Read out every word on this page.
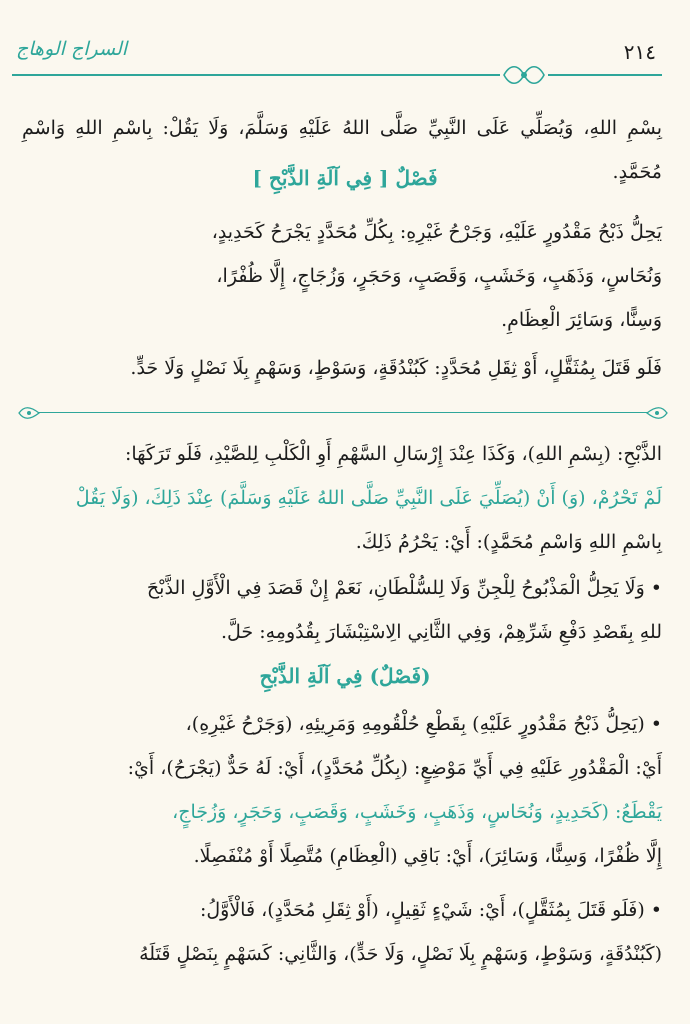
السراج الوهاج	٢١٤
بِسْمِ اللهِ، وَيُصَلِّي عَلَى النَّبِيِّ صَلَّى اللهُ عَلَيْهِ وَسَلَّمَ، وَلَا يَقُلْ: بِاسْمِ اللهِ وَاسْمِ مُحَمَّدٍ.
فَصْلٌ [ فِي آلَةِ الذَّبْحِ ]
يَحِلُّ ذَبْحُ مَقْدُورٍ عَلَيْهِ، وَجَرْحُ غَيْرِهِ: بِكُلِّ مُحَدَّدٍ يَجْرَحُ كَحَدِيدٍ،
وَنُحَاسٍ، وَذَهَبٍ، وَخَشَبٍ، وَقَصَبٍ، وَحَجَرٍ، وَزُجَاجٍ، إِلَّا ظُفْرًا،
وَسِنًّا، وَسَائِرَ الْعِظَامِ.
فَلَو قَتَلَ بِمُثَقَّلٍ، أَوْ ثِقَلِ مُحَدَّدٍ: كَبُنْدُقَةٍ، وَسَوْطٍ، وَسَهْمٍ بِلَا نَصْلٍ وَلَا حَدٍّ.
الذَّبْحِ: (بِسْمِ اللهِ)، وَكَذَا عِنْدَ إِرْسَالِ السَّهْمِ أَوِ الْكَلْبِ لِلصَّيْدِ، فَلَو تَرَكَهَا:
لَمْ تَحْرُمْ، (وَ) أَنْ (يُصَلِّيَ عَلَى النَّبِيِّ صَلَّى اللهُ عَلَيْهِ وَسَلَّمَ) عِنْدَ ذَلِكَ، (وَلَا يَقُلْ
بِاسْمِ اللهِ وَاسْمِ مُحَمَّدٍ): أَيْ: يَحْرُمُ ذَلِكَ.
• وَلَا يَحِلُّ الْمَذْبُوحُ لِلْجِنِّ وَلَا لِلسُّلْطَانِ، نَعَمْ إِنْ قَصَدَ فِي الْأَوَّلِ الذَّبْحَ
للهِ بِقَصْدِ دَفْعِ شَرِّهِمْ، وَفِي الثَّانِي الِاسْتِبْشَارَ بِقُدُومِهِ: حَلَّ.
(فَصْلٌ) فِي آلَةِ الذَّبْحِ
• (يَحِلُّ ذَبْحُ مَقْدُورٍ عَلَيْهِ) بِقَطْعِ حُلْقُومِهِ وَمَرِيئِهِ، (وَجَرْحُ غَيْرِهِ)،
أَيْ: الْمَقْدُورِ عَلَيْهِ فِي أَيِّ مَوْضِعٍ: (بِكُلِّ مُحَدَّدٍ)، أَيْ: لَهُ حَدٌّ (يَجْرَحُ)، أَيْ:
يَقْطَعُ: (كَحَدِيدٍ، وَنُحَاسٍ، وَذَهَبٍ، وَخَشَبٍ، وَقَصَبٍ، وَحَجَرٍ، وَزُجَاجٍ،
إِلَّا ظُفْرًا، وَسِنًّا، وَسَائِرَ)، أَيْ: بَاقِي (الْعِظَامِ) مُتَّصِلًا أَوْ مُنْفَصِلًا.
• (فَلَو قَتَلَ بِمُثَقَّلٍ)، أَيْ: شَيْءٍ ثَقِيلٍ، (أَوْ ثِقَلِ مُحَدَّدٍ)، فَالْأَوَّلُ:
(كَبُنْدُقَةٍ، وَسَوْطٍ، وَسَهْمٍ بِلَا نَصْلٍ، وَلَا حَدٍّ)، وَالثَّانِي: كَسَهْمٍ بِنَصْلٍ قَتَلَهُ
